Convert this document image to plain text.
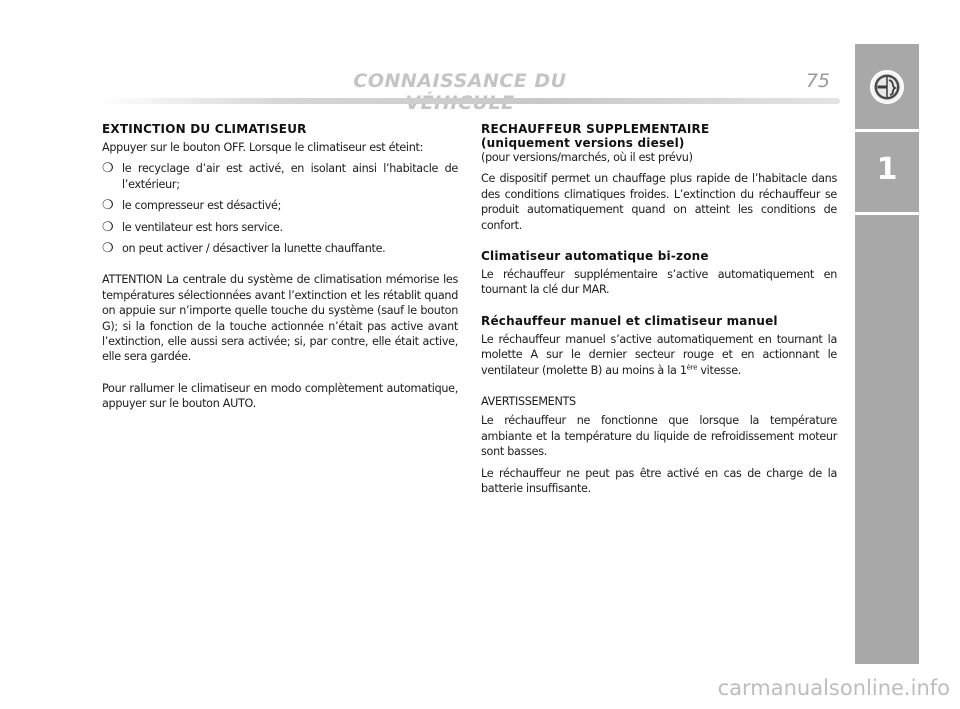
CONNAISSANCE DU	75
1
EXTINCTION DU CLIMATISEUR

Appuyer sur le bouton OFF. Lorsque le climatiseur est éteint:

❍ le recyclage d’air est activé, en isolant ainsi l’habitacle de l’extérieur;
❍ le compresseur est désactivé;
❍ le ventilateur est hors service.
❍ on peut activer / désactiver la lunette chauffante.

ATTENTION La centrale du système de climatisation mémorise les températures sélectionnées avant l’extinction et les rétablit quand on appuie sur n’importe quelle touche du système (sauf le bouton G); si la fonction de la touche actionnée n’était pas active avant l’extinction, elle aussi sera activée; si, par contre, elle était active, elle sera gardée.

Pour rallumer le climatiseur en modo complètement automatique, appuyer sur le bouton AUTO.

RECHAUFFEUR SUPPLEMENTAIRE
(uniquement versions diesel)

(pour versions/marchés, où il est prévu)

Ce dispositif permet un chauffage plus rapide de l’habitacle dans des conditions climatiques froides. L’extinction du réchauffeur se produit automatiquement quand on atteint les conditions de confort.

Climatiseur automatique bi-zone

Le réchauffeur supplémentaire s’active automatiquement en tournant la clé dur MAR.

Réchauffeur manuel et climatiseur manuel

Le réchauffeur manuel s’active automatiquement en tournant la molette A sur le dernier secteur rouge et en actionnant le ventilateur (molette B) au moins à la 1ère vitesse.

AVERTISSEMENTS

Le réchauffeur ne fonctionne que lorsque la température ambiante et la température du liquide de refroidissement moteur sont basses.

Le réchauffeur ne peut pas être activé en cas de charge de la batterie insuffisante.

carmanualsonline.info
